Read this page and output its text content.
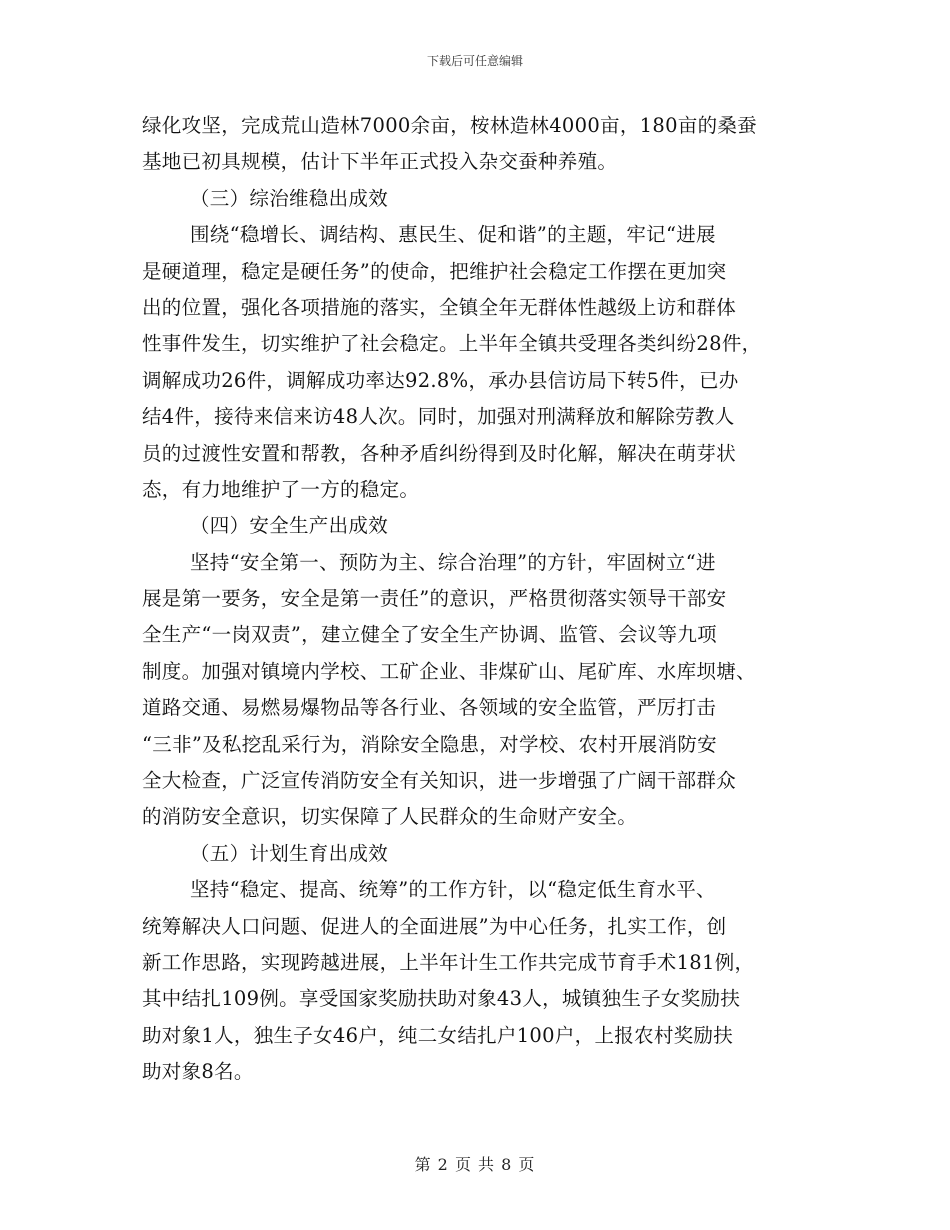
下载后可任意编辑
绿化攻坚，完成荒山造林7000余亩，桉林造林4000亩，180亩的桑蚕
基地已初具规模，估计下半年正式投入杂交蚕种养殖。
（三）综治维稳出成效
围绕“稳增长、调结构、惠民生、促和谐”的主题，牢记“进展
是硬道理，稳定是硬任务”的使命，把维护社会稳定工作摆在更加突
出的位置，强化各项措施的落实，全镇全年无群体性越级上访和群体
性事件发生，切实维护了社会稳定。上半年全镇共受理各类纠纷28件，
调解成功26件，调解成功率达92.8%，承办县信访局下转5件，已办
结4件，接待来信来访48人次。同时，加强对刑满释放和解除劳教人
员的过渡性安置和帮教，各种矛盾纠纷得到及时化解，解决在萌芽状
态，有力地维护了一方的稳定。
（四）安全生产出成效
坚持“安全第一、预防为主、综合治理”的方针，牢固树立“进
展是第一要务，安全是第一责任”的意识，严格贯彻落实领导干部安
全生产“一岗双责”，建立健全了安全生产协调、监管、会议等九项
制度。加强对镇境内学校、工矿企业、非煤矿山、尾矿库、水库坝塘、
道路交通、易燃易爆物品等各行业、各领域的安全监管，严厉打击
“三非”及私挖乱采行为，消除安全隐患，对学校、农村开展消防安
全大检查，广泛宣传消防安全有关知识，进一步增强了广阔干部群众
的消防安全意识，切实保障了人民群众的生命财产安全。
（五）计划生育出成效
坚持“稳定、提高、统筹”的工作方针，以“稳定低生育水平、
统筹解决人口问题、促进人的全面进展”为中心任务，扎实工作，创
新工作思路，实现跨越进展，上半年计生工作共完成节育手术181例，
其中结扎109例。享受国家奖励扶助对象43人，城镇独生子女奖励扶
助对象1人，独生子女46户，纯二女结扎户100户，上报农村奖励扶
助对象8名。
第 2 页 共 8 页
